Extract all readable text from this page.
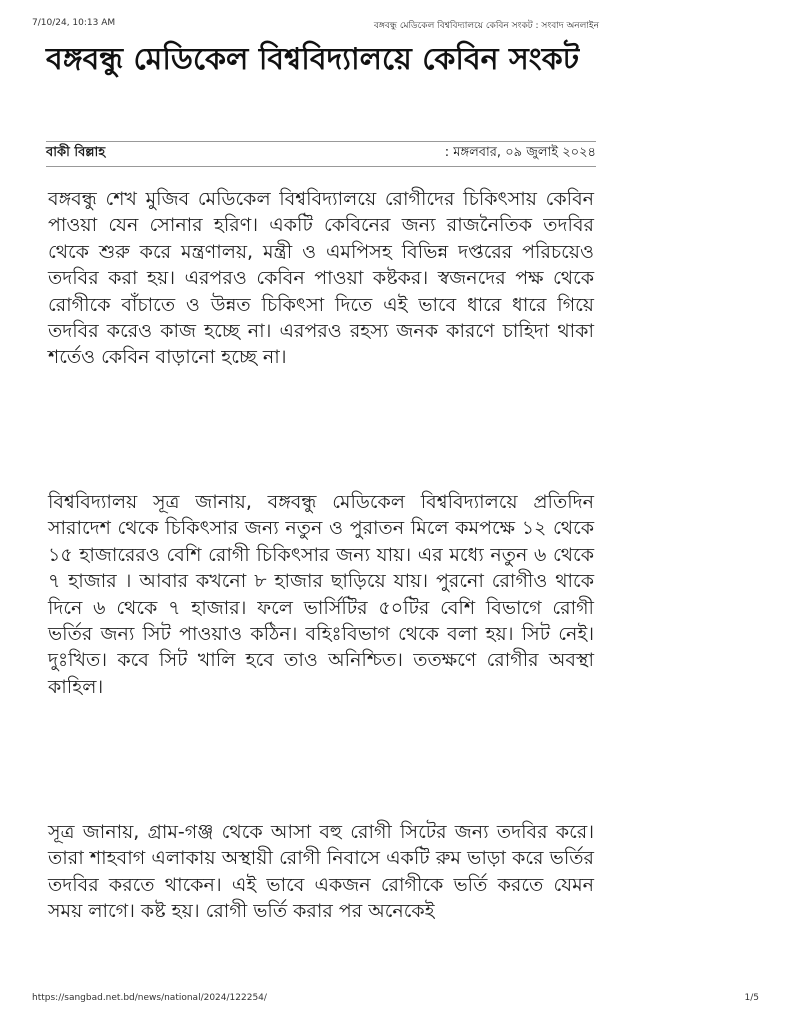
7/10/24, 10:13 AM	বঙ্গবন্ধু মেডিকেল বিশ্ববিদ্যালয়ে কেবিন সংকট : সংবাদ অনলাইন
বঙ্গবন্ধু মেডিকেল বিশ্ববিদ্যালয়ে কেবিন সংকট
বাকী বিল্লাহ	: মঙ্গলবার, ০৯ জুলাই ২০২৪

বঙ্গবন্ধু শেখ মুজিব মেডিকেল বিশ্ববিদ্যালয়ে রোগীদের চিকিৎসায় কেবিন পাওয়া যেন সোনার হরিণ। একটি কেবিনের জন্য রাজনৈতিক তদবির থেকে শুরু করে মন্ত্রণালয়, মন্ত্রী ও এমপিসহ বিভিন্ন দপ্তরের পরিচয়েও তদবির করা হয়। এরপরও কেবিন পাওয়া কষ্টকর। স্বজনদের পক্ষ থেকে রোগীকে বাঁচাতে ও উন্নত চিকিৎসা দিতে এই ভাবে ধারে ধারে গিয়ে তদবির করেও কাজ হচ্ছে না। এরপরও রহস্য জনক কারণে চাহিদা থাকা শর্তেও কেবিন বাড়ানো হচ্ছে না।

বিশ্ববিদ্যালয় সূত্র জানায়, বঙ্গবন্ধু মেডিকেল বিশ্ববিদ্যালয়ে প্রতিদিন সারাদেশ থেকে চিকিৎসার জন্য নতুন ও পুরাতন মিলে কমপক্ষে ১২ থেকে ১৫ হাজারেরও বেশি রোগী চিকিৎসার জন্য যায়। এর মধ্যে নতুন ৬ থেকে ৭ হাজার । আবার কখনো ৮ হাজার ছাড়িয়ে যায়। পুরনো রোগীও থাকে দিনে ৬ থেকে ৭ হাজার। ফলে ভার্সিটির ৫০টির বেশি বিভাগে রোগী ভর্তির জন্য সিট পাওয়াও কঠিন। বহিঃবিভাগ থেকে বলা হয়। সিট নেই। দুঃখিত। কবে সিট খালি হবে তাও অনিশ্চিত। ততক্ষণে রোগীর অবস্থা কাহিল।

সূত্র জানায়, গ্রাম-গঞ্জ থেকে আসা বহু রোগী সিটের জন্য তদবির করে। তারা শাহবাগ এলাকায় অস্থায়ী রোগী নিবাসে একটি রুম ভাড়া করে ভর্তির তদবির করতে থাকেন। এই ভাবে একজন রোগীকে ভর্তি করতে যেমন সময় লাগে। কষ্ট হয়। রোগী ভর্তি করার পর অনেকেই

https://sangbad.net.bd/news/national/2024/122254/	1/5
